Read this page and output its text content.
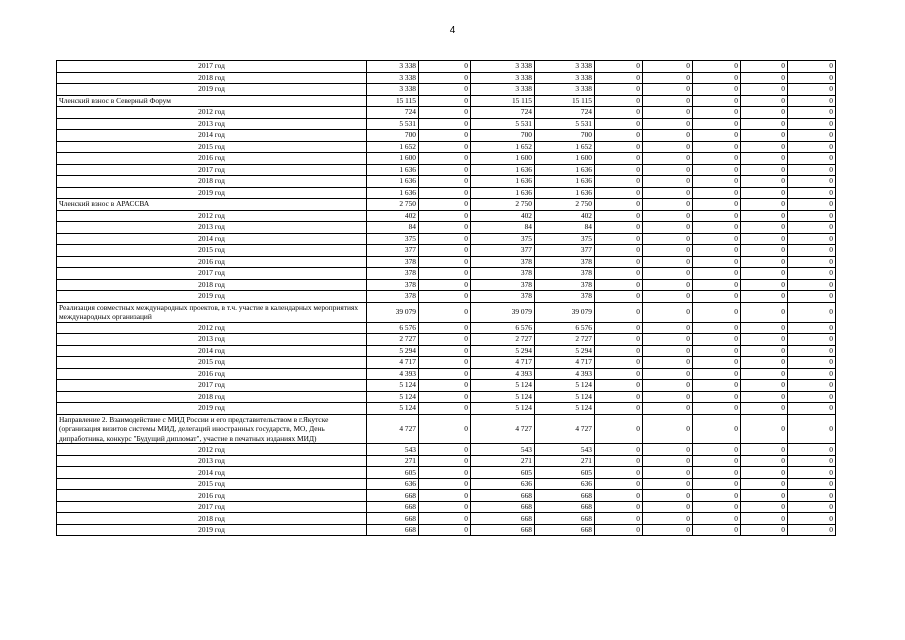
4
2017 год	3 338	0	3 338	3 338	0	0	0	0	0
2018 год	3 338	0	3 338	3 338	0	0	0	0	0
2019 год	3 338	0	3 338	3 338	0	0	0	0	0
Членский взнос в Северный Форум	15 115	0	15 115	15 115	0	0	0	0	0
2012 год	724	0	724	724	0	0	0	0	0
2013 год	5 531	0	5 531	5 531	0	0	0	0	0
2014 год	700	0	700	700	0	0	0	0	0
2015 год	1 652	0	1 652	1 652	0	0	0	0	0
2016 год	1 600	0	1 600	1 600	0	0	0	0	0
2017 год	1 636	0	1 636	1 636	0	0	0	0	0
2018 год	1 636	0	1 636	1 636	0	0	0	0	0
2019 год	1 636	0	1 636	1 636	0	0	0	0	0
Членский взнос в АРАССВА	2 750	0	2 750	2 750	0	0	0	0	0
2012 год	402	0	402	402	0	0	0	0	0
2013 год	84	0	84	84	0	0	0	0	0
2014 год	375	0	375	375	0	0	0	0	0
2015 год	377	0	377	377	0	0	0	0	0
2016 год	378	0	378	378	0	0	0	0	0
2017 год	378	0	378	378	0	0	0	0	0
2018 год	378	0	378	378	0	0	0	0	0
2019 год	378	0	378	378	0	0	0	0	0
Реализация совместных международных проектов, в т.ч. участие в календарных мероприятиях международных организаций	39 079	0	39 079	39 079	0	0	0	0	0
2012 год	6 576	0	6 576	6 576	0	0	0	0	0
2013 год	2 727	0	2 727	2 727	0	0	0	0	0
2014 год	5 294	0	5 294	5 294	0	0	0	0	0
2015 год	4 717	0	4 717	4 717	0	0	0	0	0
2016 год	4 393	0	4 393	4 393	0	0	0	0	0
2017 год	5 124	0	5 124	5 124	0	0	0	0	0
2018 год	5 124	0	5 124	5 124	0	0	0	0	0
2019 год	5 124	0	5 124	5 124	0	0	0	0	0
Направление 2. Взаимодействие с МИД России и его представительством в г.Якутске (организация визитов системы МИД, делегаций иностранных государств, МО, День дипработника, конкурс "Будущий дипломат", участие в печатных изданиях МИД)	4 727	0	4 727	4 727	0	0	0	0	0
2012 год	543	0	543	543	0	0	0	0	0
2013 год	271	0	271	271	0	0	0	0	0
2014 год	605	0	605	605	0	0	0	0	0
2015 год	636	0	636	636	0	0	0	0	0
2016 год	668	0	668	668	0	0	0	0	0
2017 год	668	0	668	668	0	0	0	0	0
2018 год	668	0	668	668	0	0	0	0	0
2019 год	668	0	668	668	0	0	0	0	0
